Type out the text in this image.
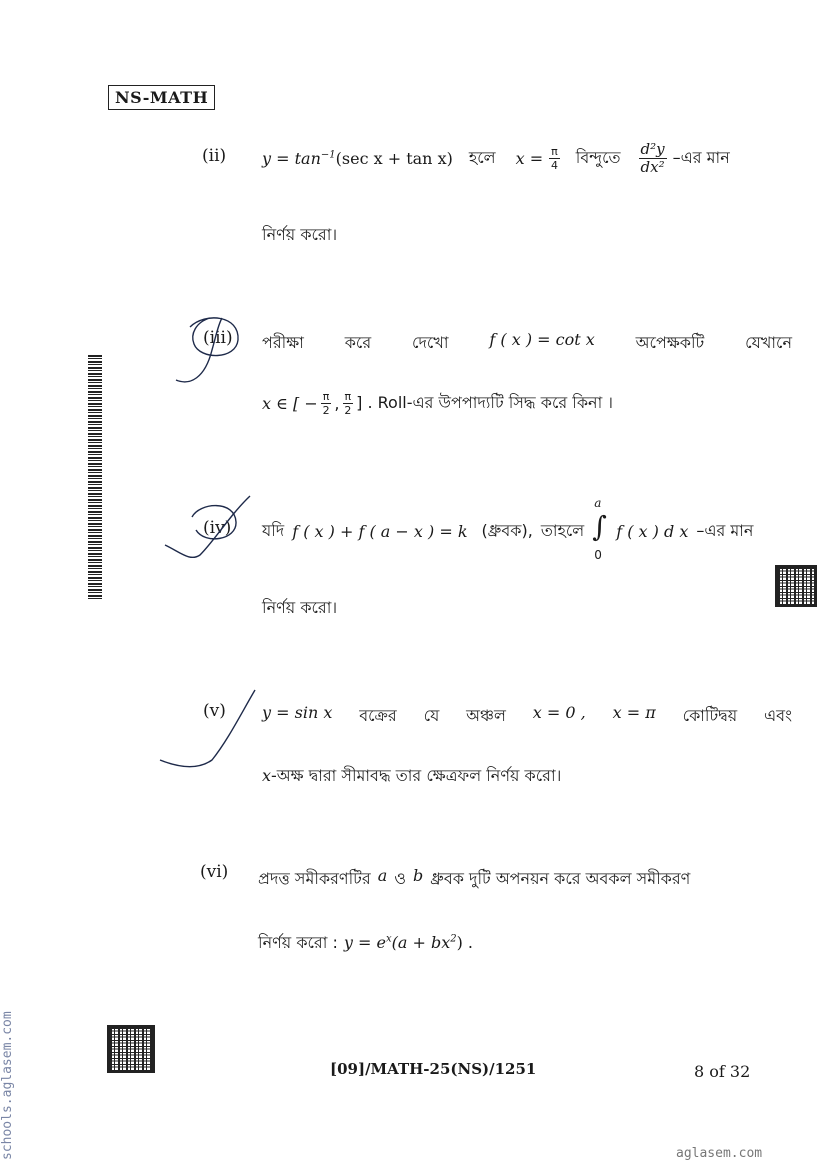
NS-MATH
(ii) $y = \tan^{-1}(\sec$ x + tan x) হলে $x = \frac{\pi}{4}$ বিন্দুতে $\frac{\text{d²y}}{\text{dx²}}$ –এর মান
নির্ণয় করো।
(iii) পরীক্ষা	করে	দেখো	f ( x ) = cot x	অপেক্ষকটি	যেখানে
x ∈ [ − $\frac{\pi}{2}$ , $\frac{\pi}{2}$ ] . Roll-এর উপপাদ্যটি সিদ্ধ করে কিনা ।
(iv) যদি f ( x ) + f ( a − x ) = k (ধ্রুবক), তাহলে
a
∫
0
f ( x ) d x –এর মান
নির্ণয় করো।
(v) y = sin x বক্রের যে অঞ্চল x = 0 , x = π কোটিদ্বয় এবং
x-অক্ষ দ্বারা সীমাবদ্ধ তার ক্ষেত্রফল নির্ণয় করো।
(vi) প্রদত্ত সমীকরণটির a ও b ধ্রুবক দুটি অপনয়ন করে অবকল সমীকরণ
নির্ণয় করো : $y = e^x(a + bx^2)$ .
[09]/MATH-25(NS)/1251	8 of 32
aglasem.com
schools.aglasem.com
